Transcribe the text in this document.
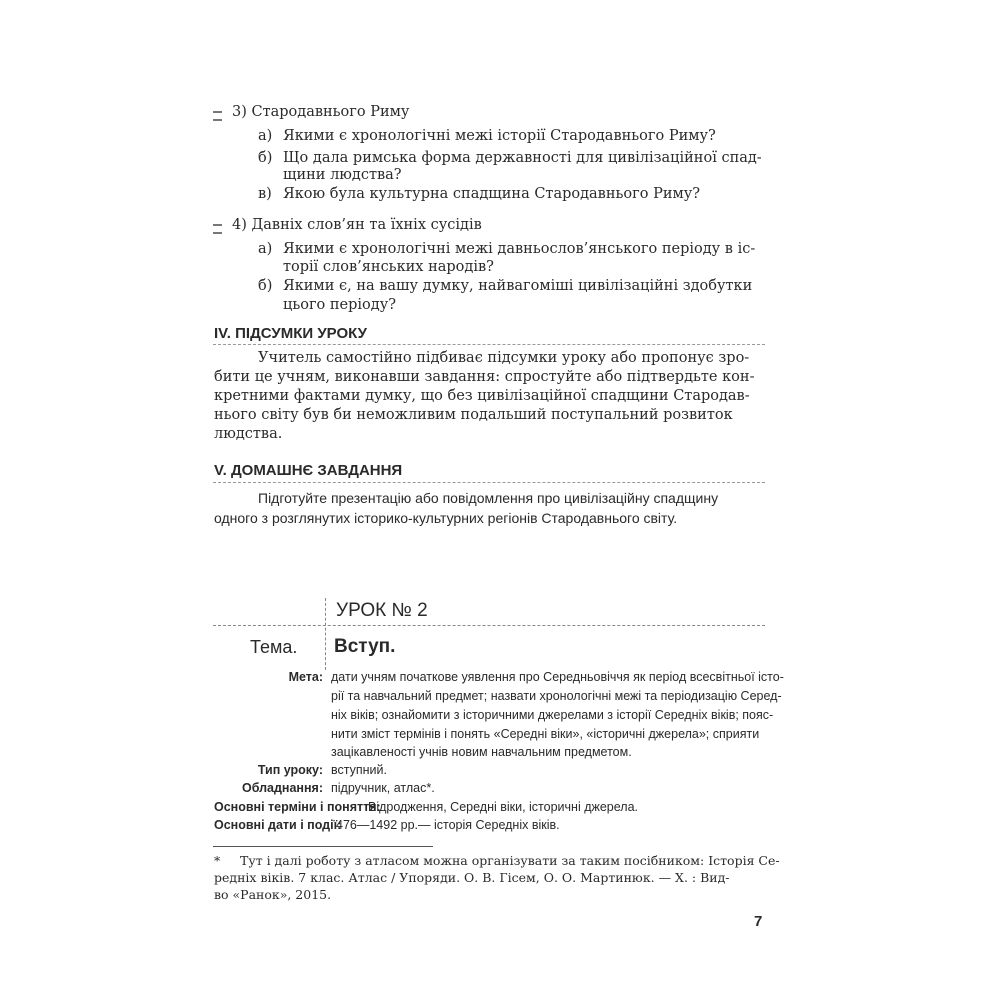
3) Стародавнього Риму
а) Якими є хронологічні межі історії Стародавнього Риму?
б) Що дала римська форма державності для цивілізаційної спад-
щини людства?
в) Якою була культурна спадщина Стародавнього Риму?
4) Давніх слов’ян та їхніх сусідів
а) Якими є хронологічні межі давньослов’янського періоду в іс-
торії слов’янських народів?
б) Якими є, на вашу думку, найвагоміші цивілізаційні здобутки
цього періоду?
IV. ПІДСУМКИ УРОКУ
Учитель самостійно підбиває підсумки уроку або пропонує зро-
бити це учням, виконавши завдання: спростуйте або підтвердьте кон-
кретними фактами думку, що без цивілізаційної спадщини Стародав-
нього світу був би неможливим подальший поступальний розвиток
людства.
V. ДОМАШНЄ ЗАВДАННЯ
Підготуйте презентацію або повідомлення про цивілізаційну спадщину
одного з розглянутих історико-культурних регіонів Стародавнього світу.
УРОК № 2
Тема. Вступ.
Мета: дати учням початкове уявлення про Середньовіччя як період всесвітньої істо-
рії та навчальний предмет; назвати хронологічні межі та періодизацію Серед-
ніх віків; ознайомити з історичними джерелами з історії Середніх віків; пояс-
нити зміст термінів і понять «Середні віки», «історичні джерела»; сприяти
зацікавленості учнів новим навчальним предметом.
Тип уроку: вступний.
Обладнання: підручник, атлас*.
Основні терміни і поняття:
Відродження, Середні віки, історичні джерела.
Основні дати і події:
476—1492 рр.— історія Середніх віків.
* Тут і далі роботу з атласом можна організувати за таким посібником: Історія Се-
редніх віків. 7 клас. Атлас / Упоряди. О. В. Гісем, О. О. Мартинюк. — Х. : Вид-
во «Ранок», 2015.
7
